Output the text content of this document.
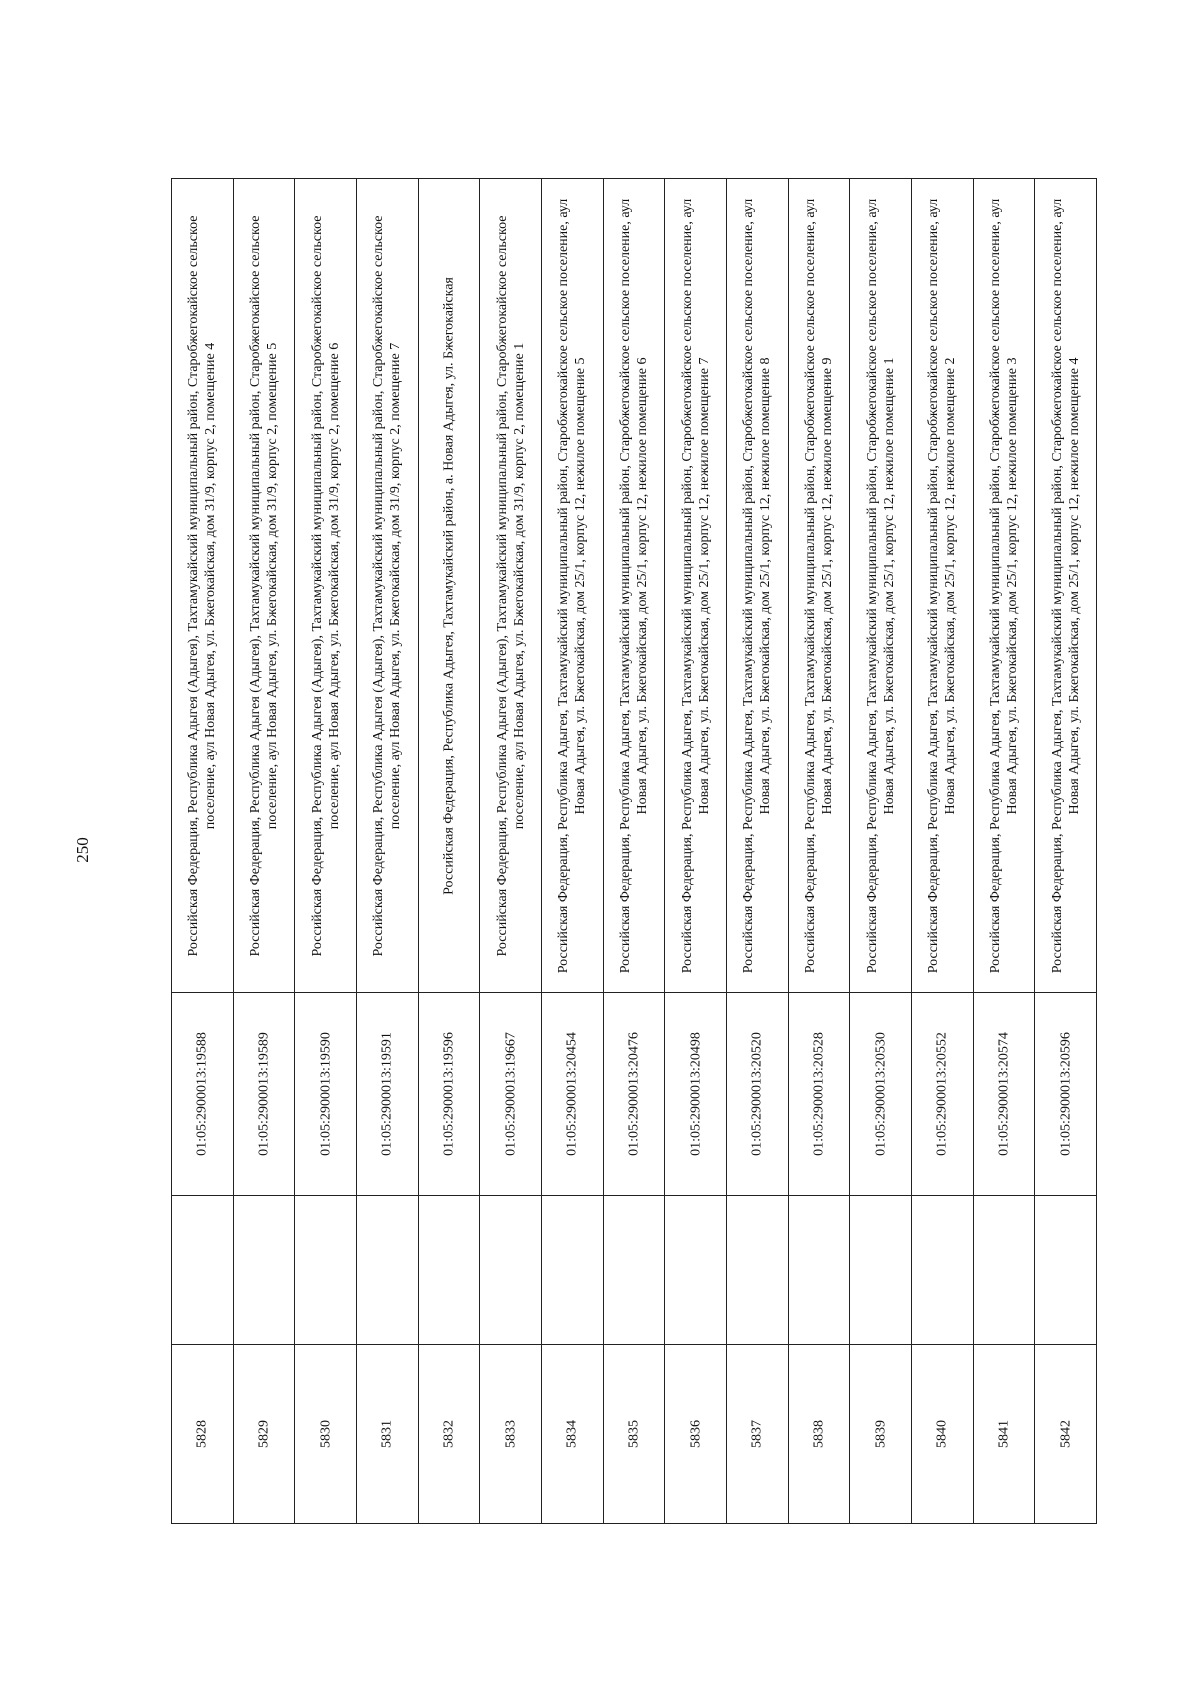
250
5828
01:05:2900013:19588
Российская Федерация, Республика Адыгея (Адыгея), Тахтамукайский муниципальный район, Старобжегокайское сельское поселение, аул Новая Адыгея, ул. Бжегокайская, дом 31/9, корпус 2, помещение 4
5829
01:05:2900013:19589
Российская Федерация, Республика Адыгея (Адыгея), Тахтамукайский муниципальный район, Старобжегокайское сельское поселение, аул Новая Адыгея, ул. Бжегокайская, дом 31/9, корпус 2, помещение 5
5830
01:05:2900013:19590
Российская Федерация, Республика Адыгея (Адыгея), Тахтамукайский муниципальный район, Старобжегокайское сельское поселение, аул Новая Адыгея, ул. Бжегокайская, дом 31/9, корпус 2, помещение 6
5831
01:05:2900013:19591
Российская Федерация, Республика Адыгея (Адыгея), Тахтамукайский муниципальный район, Старобжегокайское сельское поселение, аул Новая Адыгея, ул. Бжегокайская, дом 31/9, корпус 2, помещение 7
5832
01:05:2900013:19596
Российская Федерация, Республика Адыгея, Тахтамукайский район, а. Новая Адыгея, ул. Бжегокайская
5833
01:05:2900013:19667
Российская Федерация, Республика Адыгея (Адыгея), Тахтамукайский муниципальный район, Старобжегокайское сельское поселение, аул Новая Адыгея, ул. Бжегокайская, дом 31/9, корпус 2, помещение 1
5834
01:05:2900013:20454
Российская Федерация, Республика Адыгея, Тахтамукайский муниципальный район, Старобжегокайское сельское поселение, аул Новая Адыгея, ул. Бжегокайская, дом 25/1, корпус 12, нежилое помещение 5
5835
01:05:2900013:20476
Российская Федерация, Республика Адыгея, Тахтамукайский муниципальный район, Старобжегокайское сельское поселение, аул Новая Адыгея, ул. Бжегокайская, дом 25/1, корпус 12, нежилое помещение 6
5836
01:05:2900013:20498
Российская Федерация, Республика Адыгея, Тахтамукайский муниципальный район, Старобжегокайское сельское поселение, аул Новая Адыгея, ул. Бжегокайская, дом 25/1, корпус 12, нежилое помещение 7
5837
01:05:2900013:20520
Российская Федерация, Республика Адыгея, Тахтамукайский муниципальный район, Старобжегокайское сельское поселение, аул Новая Адыгея, ул. Бжегокайская, дом 25/1, корпус 12, нежилое помещение 8
5838
01:05:2900013:20528
Российская Федерация, Республика Адыгея, Тахтамукайский муниципальный район, Старобжегокайское сельское поселение, аул Новая Адыгея, ул. Бжегокайская, дом 25/1, корпус 12, нежилое помещение 9
5839
01:05:2900013:20530
Российская Федерация, Республика Адыгея, Тахтамукайский муниципальный район, Старобжегокайское сельское поселение, аул Новая Адыгея, ул. Бжегокайская, дом 25/1, корпус 12, нежилое помещение 1
5840
01:05:2900013:20552
Российская Федерация, Республика Адыгея, Тахтамукайский муниципальный район, Старобжегокайское сельское поселение, аул Новая Адыгея, ул. Бжегокайская, дом 25/1, корпус 12, нежилое помещение 2
5841
01:05:2900013:20574
Российская Федерация, Республика Адыгея, Тахтамукайский муниципальный район, Старобжегокайское сельское поселение, аул Новая Адыгея, ул. Бжегокайская, дом 25/1, корпус 12, нежилое помещение 3
5842
01:05:2900013:20596
Российская Федерация, Республика Адыгея, Тахтамукайский муниципальный район, Старобжегокайское сельское поселение, аул Новая Адыгея, ул. Бжегокайская, дом 25/1, корпус 12, нежилое помещение 4
